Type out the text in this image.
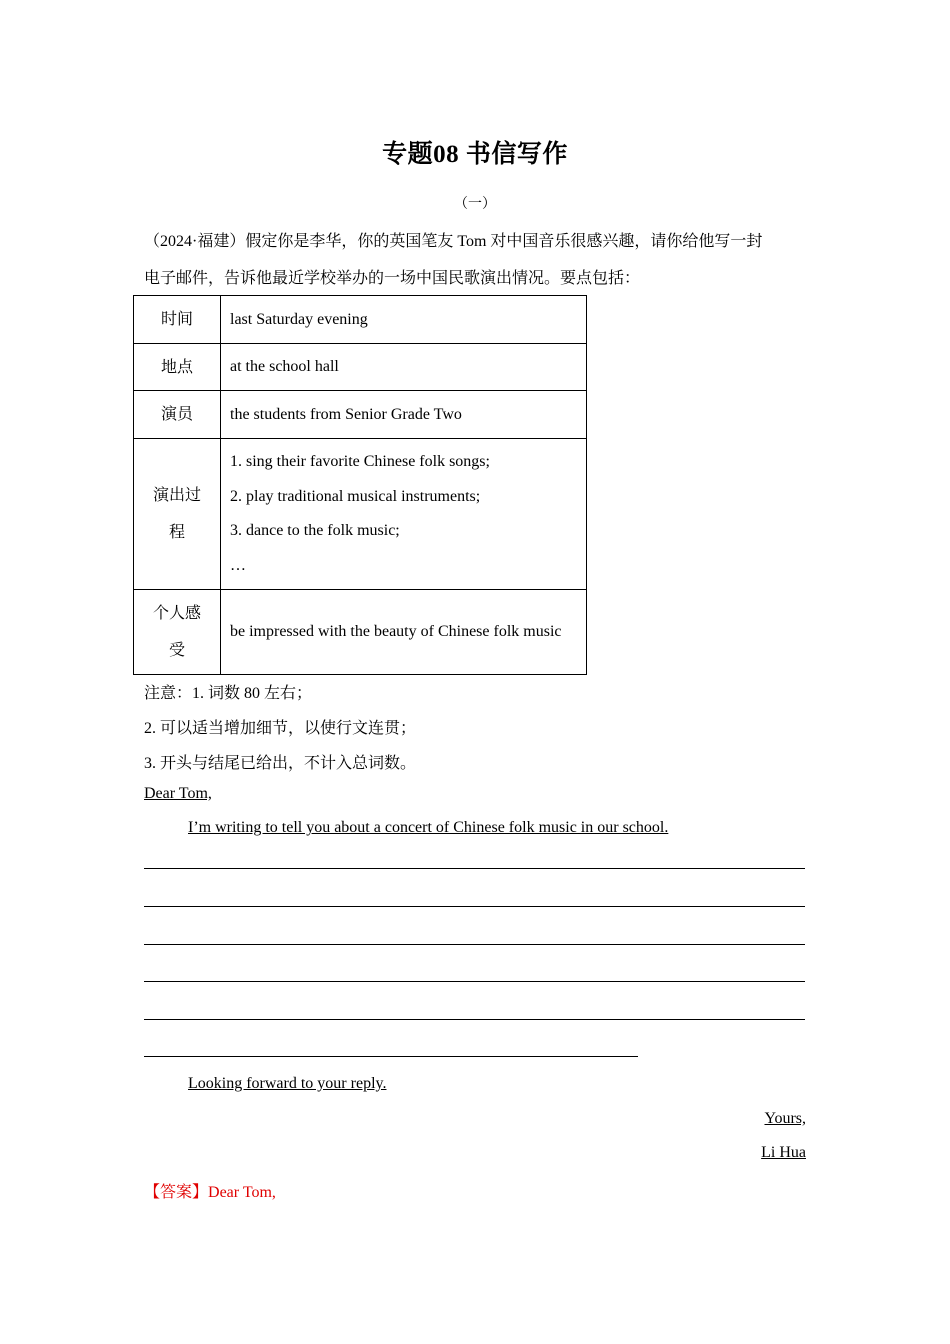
专题08 书信写作
（一）
（2024·福建）假定你是李华，你的英国笔友 Tom 对中国音乐很感兴趣，请你给他写一封
电子邮件，告诉他最近学校举办的一场中国民歌演出情况。要点包括：
时间	last Saturday evening
地点	at the school hall
演员	the students from Senior Grade Two

演出过
程	1. sing their favorite Chinese folk songs;
2. play traditional musical instruments;
3. dance to the folk music;
…

个人感
受	be impressed with the beauty of Chinese folk music
注意：1. 词数 80 左右；
2. 可以适当增加细节，以使行文连贯；
3. 开头与结尾已给出，不计入总词数。
Dear Tom,
I’m writing to tell you about a concert of Chinese folk music in our school.
Looking forward to your reply.
Yours,
Li Hua
【答案】Dear Tom,
